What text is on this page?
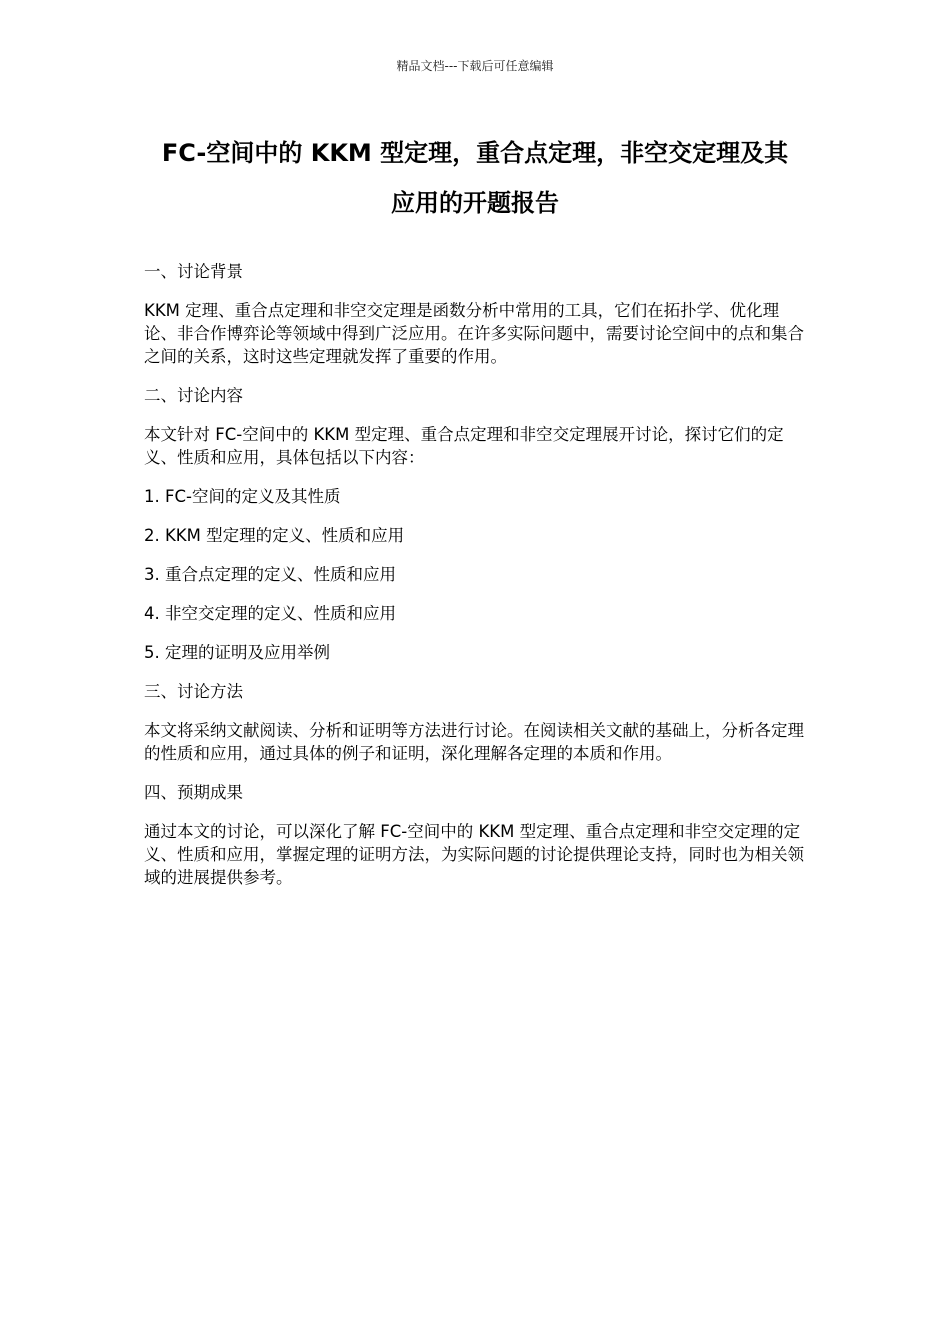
精品文档---下载后可任意编辑
FC-空间中的 KKM 型定理，重合点定理，非空交定理及其
应用的开题报告

一、讨论背景

KKM 定理、重合点定理和非空交定理是函数分析中常用的工具，它们在拓扑学、优化理论、非合作博弈论等领域中得到广泛应用。在许多实际问题中，需要讨论空间中的点和集合之间的关系，这时这些定理就发挥了重要的作用。

二、讨论内容

本文针对 FC-空间中的 KKM 型定理、重合点定理和非空交定理展开讨论，探讨它们的定义、性质和应用，具体包括以下内容：

1. FC-空间的定义及其性质

2. KKM 型定理的定义、性质和应用

3. 重合点定理的定义、性质和应用

4. 非空交定理的定义、性质和应用

5. 定理的证明及应用举例

三、讨论方法

本文将采纳文献阅读、分析和证明等方法进行讨论。在阅读相关文献的基础上，分析各定理的性质和应用，通过具体的例子和证明，深化理解各定理的本质和作用。

四、预期成果

通过本文的讨论，可以深化了解 FC-空间中的 KKM 型定理、重合点定理和非空交定理的定义、性质和应用，掌握定理的证明方法，为实际问题的讨论提供理论支持，同时也为相关领域的进展提供参考。
